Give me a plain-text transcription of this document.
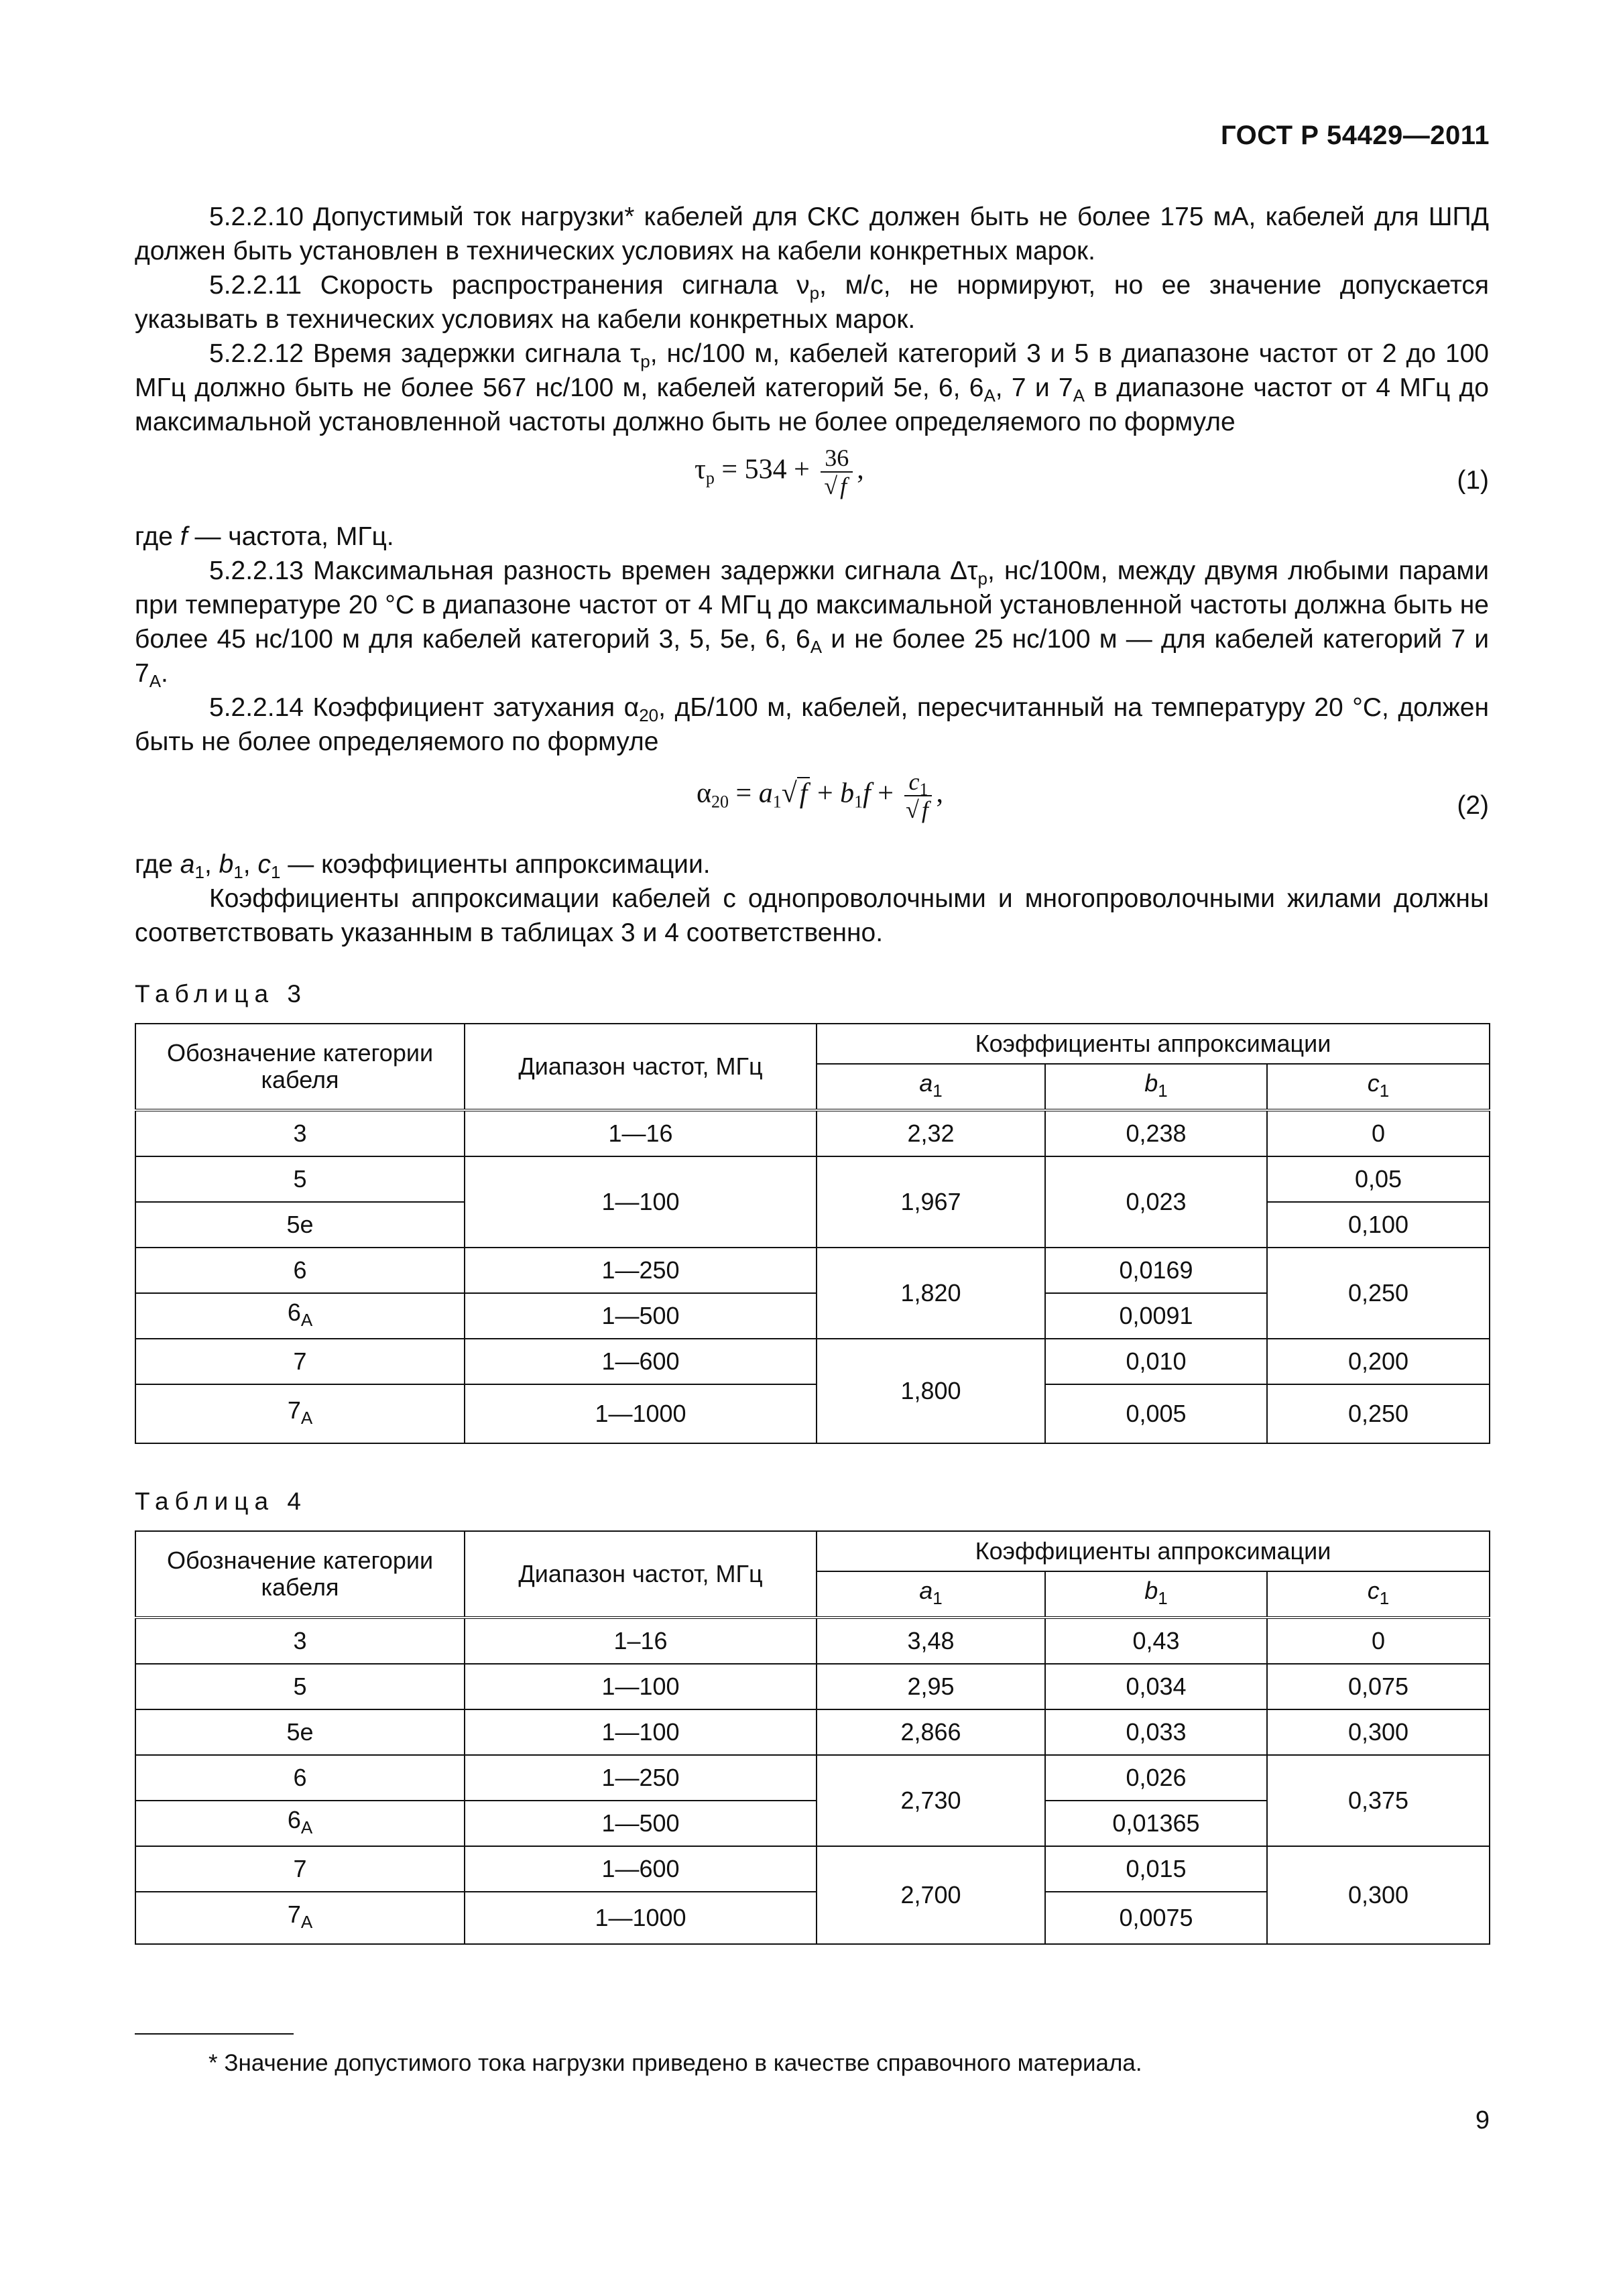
ГОСТ Р 54429—2011

5.2.2.10 Допустимый ток нагрузки* кабелей для СКС должен быть не более 175 мА, кабелей для ШПД должен быть установлен в технических условиях на кабели конкретных марок.

5.2.2.11 Скорость распространения сигнала $\nu_р$, м/с, не нормируют, но ее значение допускается указывать в технических условиях на кабели конкретных марок.

5.2.2.12 Время задержки сигнала $\tau_р$, нс/100 м, кабелей категорий 3 и 5 в диапазоне частот от 2 до 100 МГц должно быть не более 567 нс/100 м, кабелей категорий 5е, 6, $6_А$, 7 и $7_А$ в диапазоне частот от 4 МГц до максимальной установленной частоты должно быть не более определяемого по формуле

$\tau_р = 534 + \frac{36}{√ f}$ ,	(1)

где f — частота, МГц.

5.2.2.13 Максимальная разность времен задержки сигнала $\Delta\tau_р$, нс/100м, между двумя любыми парами при температуре 20 °С в диапазоне частот от 4 МГц до максимальной установленной частоты должна быть не более 45 нс/100 м для кабелей категорий 3, 5, 5е, 6, $6_А$ и не более 25 нс/100 м — для кабелей категорий 7 и $7_А$.

5.2.2.14 Коэффициент затухания $\alpha_{20}$, дБ/100 м, кабелей, пересчитанный на температуру 20 °С, должен быть не более определяемого по формуле

$\alpha_{20} = a_1√f + b_1f + \frac{c_1}{√ f}$ ,	(2)

где $a_1$, $b_1$, $c_1$ — коэффициенты аппроксимации.

Коэффициенты аппроксимации кабелей с однопроволочными и многопроволочными жилами должны соответствовать указанным в таблицах 3 и 4 соответственно.

Таблица 3
Обозначение категории кабеля	Диапазон частот, МГц	Коэффициенты аппроксимации		
		$a_1$	$b_1$	$c_1$
3	1—16	2,32	0,238	0
5	1—100	1,967	0,023	0,05
5е				0,100
6	1—250	1,820	0,0169	0,250
$6_А$	1—500		0,0091	
7	1—600	1,800	0,010	0,200
$7_А$	1—1000		0,005	0,250
Таблица 4
Обозначение категории кабеля	Диапазон частот, МГц	Коэффициенты аппроксимации		
		$a_1$	$b_1$	$c_1$
3	1–16	3,48	0,43	0
5	1—100	2,95	0,034	0,075
5е	1—100	2,866	0,033	0,300
6	1—250	2,730	0,026	0,375
$6_А$	1—500		0,01365	
7	1—600	2,700	0,015	0,300
$7_А$	1—1000		0,0075	
* Значение допустимого тока нагрузки приведено в качестве справочного материала.
9
